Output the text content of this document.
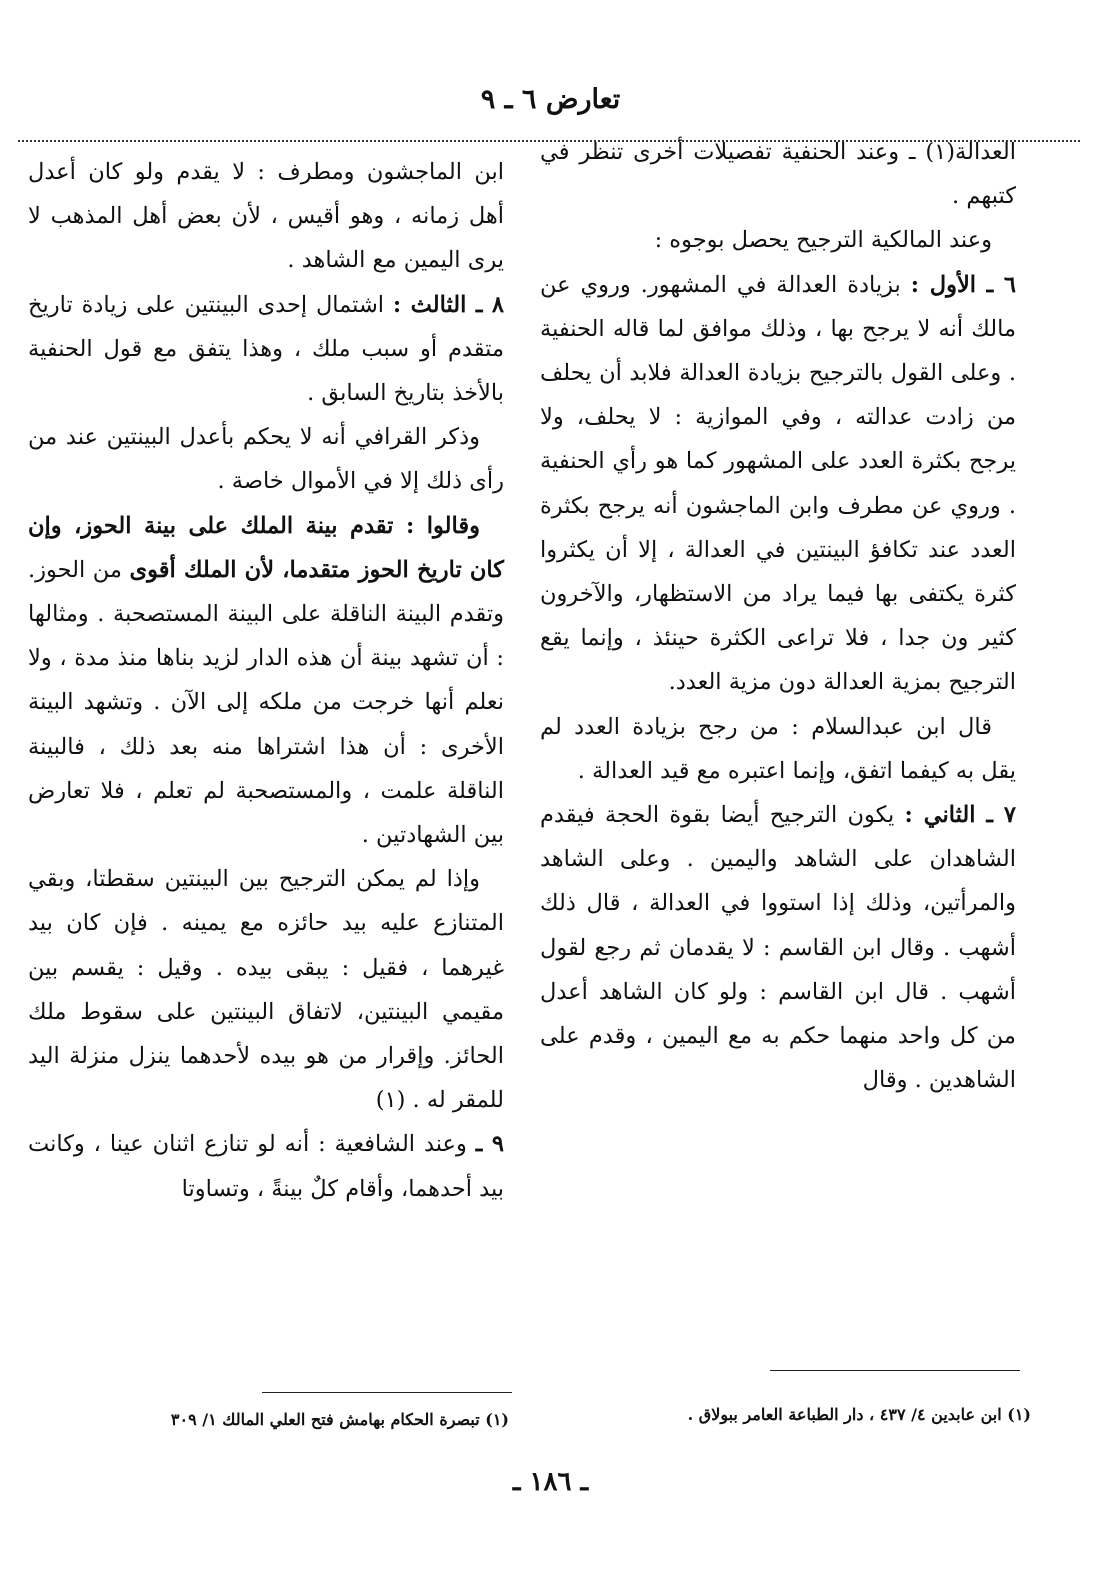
تعارض ٦ ـ ٩

العدالة(١) ـ وعند الحنفية تفصيلات أخرى تنظر في كتبهم .

وعند المالكية الترجيح يحصل بوجوه :

٦ ـ الأول : بزيادة العدالة في المشهور. وروي عن مالك أنه لا يرجح بها ، وذلك موافق لما قاله الحنفية . وعلى القول بالترجيح بزيادة العدالة فلابد أن يحلف من زادت عدالته ، وفي الموازية : لا يحلف، ولا يرجح بكثرة العدد على المشهور كما هو رأي الحنفية . وروي عن مطرف وابن الماجشون أنه يرجح بكثرة العدد عند تكافؤ البينتين في العدالة ، إلا أن يكثروا كثرة يكتفى بها فيما يراد من الاستظهار، والآخرون كثير ون جدا ، فلا تراعى الكثرة حينئذ ، وإنما يقع الترجيح بمزية العدالة دون مزية العدد.

قال ابن عبدالسلام : من رجح بزيادة العدد لم يقل به كيفما اتفق، وإنما اعتبره مع قيد العدالة .

٧ ـ الثاني : يكون الترجيح أيضا بقوة الحجة فيقدم الشاهدان على الشاهد واليمين . وعلى الشاهد والمرأتين، وذلك إذا استووا في العدالة ، قال ذلك أشهب . وقال ابن القاسم : لا يقدمان ثم رجع لقول أشهب . قال ابن القاسم : ولو كان الشاهد أعدل من كل واحد منهما حكم به مع اليمين ، وقدم على الشاهدين . وقال

ابن الماجشون ومطرف : لا يقدم ولو كان أعدل أهل زمانه ، وهو أقيس ، لأن بعض أهل المذهب لا يرى اليمين مع الشاهد .

٨ ـ الثالث : اشتمال إحدى البينتين على زيادة تاريخ متقدم أو سبب ملك ، وهذا يتفق مع قول الحنفية بالأخذ بتاريخ السابق .

وذكر القرافي أنه لا يحكم بأعدل البينتين عند من رأى ذلك إلا في الأموال خاصة .

وقالوا : تقدم بينة الملك على بينة الحوز، وإن كان تاريخ الحوز متقدما، لأن الملك أقوى من الحوز. وتقدم البينة الناقلة على البينة المستصحبة . ومثالها : أن تشهد بينة أن هذه الدار لزيد بناها منذ مدة ، ولا نعلم أنها خرجت من ملكه إلى الآن . وتشهد البينة الأخرى : أن هذا اشتراها منه بعد ذلك ، فالبينة الناقلة علمت ، والمستصحبة لم تعلم ، فلا تعارض بين الشهادتين .

وإذا لم يمكن الترجيح بين البينتين سقطتا، وبقي المتنازع عليه بيد حائزه مع يمينه . فإن كان بيد غيرهما ، فقيل : يبقى بيده . وقيل : يقسم بين مقيمي البينتين، لاتفاق البينتين على سقوط ملك الحائز. وإقرار من هو بيده لأحدهما ينزل منزلة اليد للمقر له . (١)

٩ ـ وعند الشافعية : أنه لو تنازع اثنان عينا ، وكانت بيد أحدهما، وأقام كلٌ بينةً ، وتساوتا

(١) ابن عابدين ٤/ ٤٣٧ ، دار الطباعة العامر ببولاق .
(١) تبصرة الحكام بهامش فتح العلي المالك ١/ ٣٠٩
ـ ١٨٦ ـ
